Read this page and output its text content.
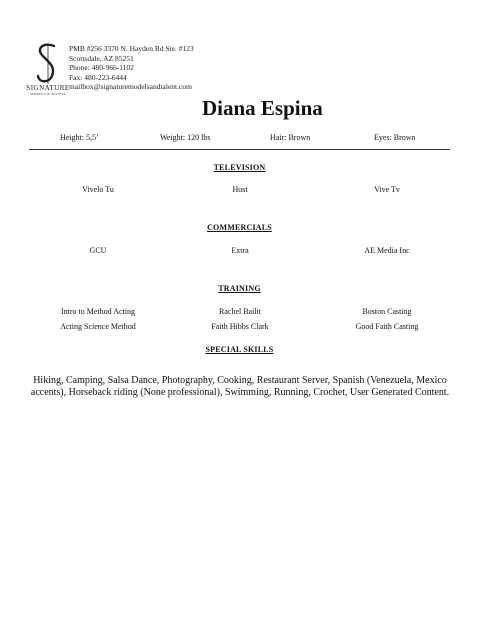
SIGNATURE
MODELS & TALENT
PMB #256 3370 N. Hayden Rd Ste. #123
Scottsdale, AZ 85251
Phone: 480-966-1102
Fax: 480-223-6444
mailbox@signaturemodelsandtalent.com
Diana Espina
Height: 5,5’	Weight: 120 lbs	Hair: Brown	Eyes: Brown
TELEVISION
Vivelo Tu	Host	Vive Tv
COMMERCIALS
GCU	Extra	AE Media Inc
TRAINING
Intro to Method Acting	Rachel Bailit	Boston Casting
Acting Science Method	Faith Hibbs Clark	Good Faith Casting
SPECIAL SKILLS
Hiking, Camping, Salsa Dance, Photography, Cooking, Restaurant Server, Spanish (Venezuela, Mexico accents), Horseback riding (None professional), Swimming, Running, Crochet, User Generated Content.
